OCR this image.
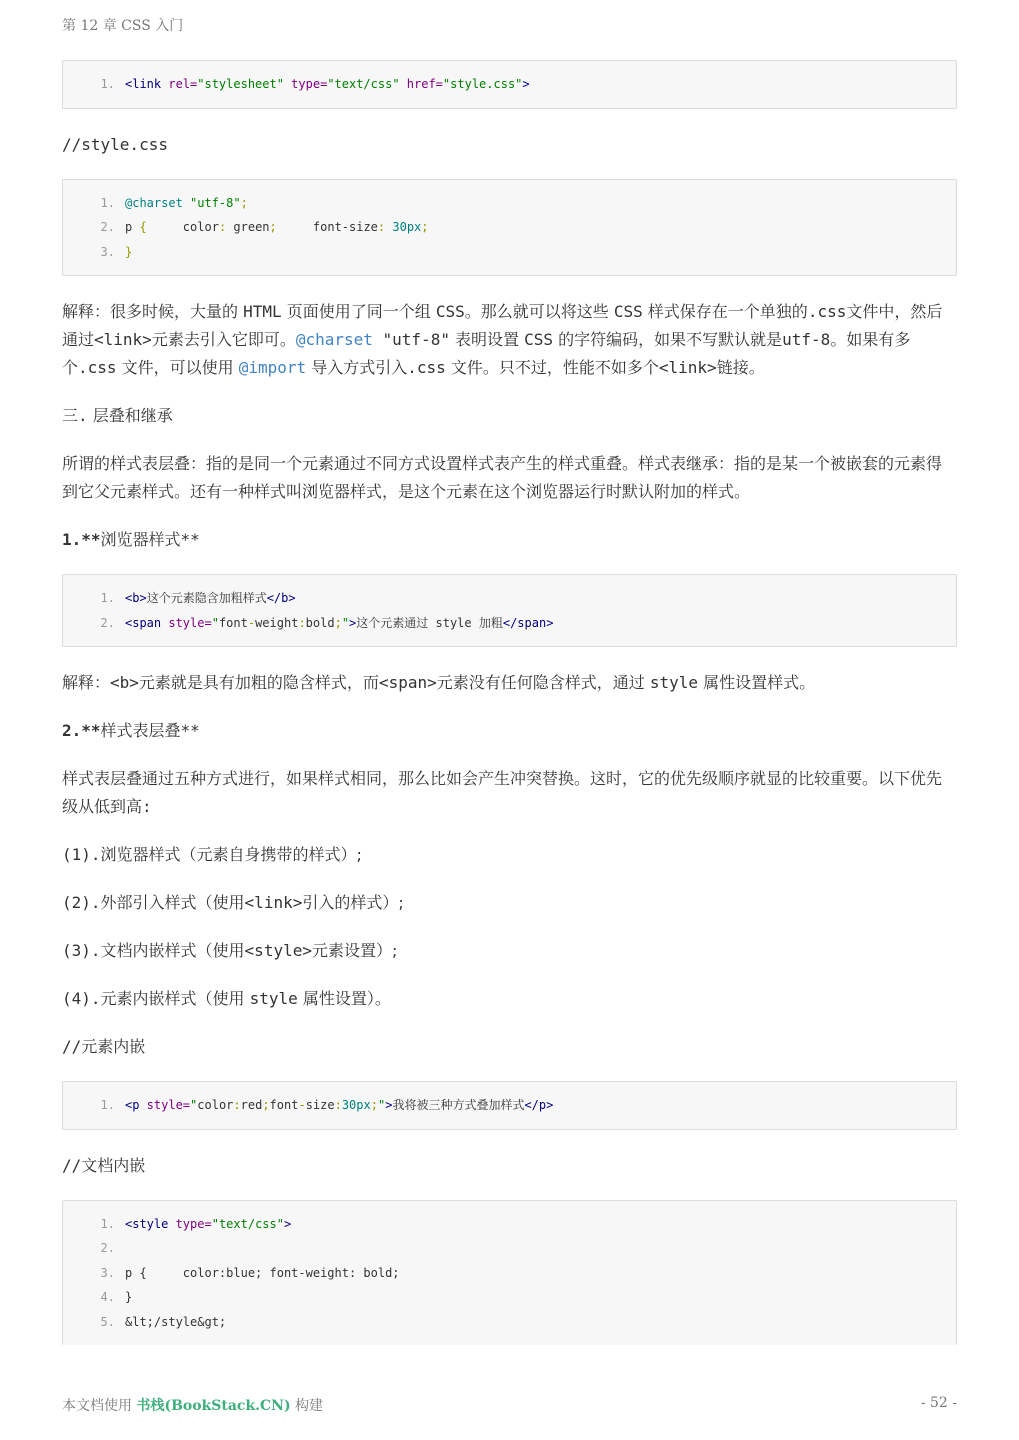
第 12 章 CSS 入门
1. <link rel="stylesheet" type="text/css" href="style.css">
//style.css
1. @charset "utf-8";
2. p {     color: green;     font-size: 30px;
3. }
解释：很多时候，大量的 HTML 页面使用了同一个组 CSS。那么就可以将这些 CSS 样式保存在一个单独的.css文件中，然后通过<link>元素去引入它即可。@charset "utf-8" 表明设置 CSS 的字符编码，如果不写默认就是utf-8。如果有多个.css 文件，可以使用 @import 导入方式引入.css 文件。只不过，性能不如多个<link>链接。
三. 层叠和继承
所谓的样式表层叠：指的是同一个元素通过不同方式设置样式表产生的样式重叠。样式表继承：指的是某一个被嵌套的元素得到它父元素样式。还有一种样式叫浏览器样式，是这个元素在这个浏览器运行时默认附加的样式。
1.**浏览器样式**
1. <b>这个元素隐含加粗样式</b>
2. <span style="font-weight:bold;">这个元素通过 style 加粗</span>
解释：<b>元素就是具有加粗的隐含样式，而<span>元素没有任何隐含样式，通过 style 属性设置样式。
2.**样式表层叠**
样式表层叠通过五种方式进行，如果样式相同，那么比如会产生冲突替换。这时，它的优先级顺序就显的比较重要。以下优先级从低到高:
(1).浏览器样式（元素自身携带的样式）;
(2).外部引入样式（使用<link>引入的样式）;
(3).文档内嵌样式（使用<style>元素设置）;
(4).元素内嵌样式（使用 style 属性设置）。
//元素内嵌
1. <p style="color:red;font-size:30px;">我将被三种方式叠加样式</p>
//文档内嵌
1. <style type="text/css">
2.
3. p {     color:blue; font-weight: bold;
4. }
5. &lt;/style&gt;
本文档使用 书栈(BookStack.CN) 构建	- 52 -
